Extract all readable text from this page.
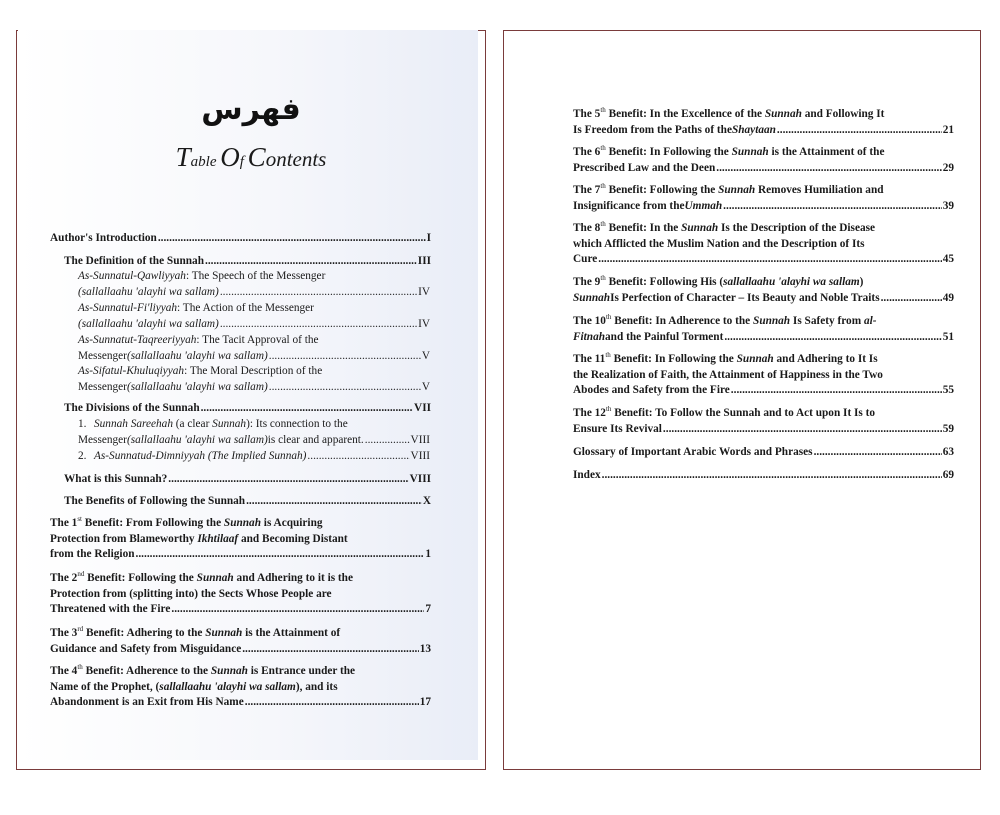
فهرس
Table Of Contents
Author's Introduction .....	I
The Definition of the Sunnah .....	III
As-Sunnatul-Qawliyyah: The Speech of the Messenger
(sallallaahu 'alayhi wa sallam) .....	IV
As-Sunnatul-Fi'liyyah: The Action of the Messenger
(sallallaahu 'alayhi wa sallam) .....	IV
As-Sunnatut-Taqreeriyyah: The Tacit Approval of the
Messenger (sallallaahu 'alayhi wa sallam) .....	V
As-Sifatul-Khuluqiyyah: The Moral Description of the
Messenger (sallallaahu 'alayhi wa sallam) .....	V
The Divisions of the Sunnah .....	VII
1. Sunnah Sareehah (a clear Sunnah): Its connection to the
Messenger (sallallaahu 'alayhi wa sallam) is clear and apparent. .....	VIII
2. As-Sunnatud-Dimniyyah (The Implied Sunnah) .....	VIII
What is this Sunnah? .....	VIII
The Benefits of Following the Sunnah .....	X
The 1st Benefit: From Following the Sunnah is Acquiring
Protection from Blameworthy Ikhtilaaf and Becoming Distant
from the Religion .....	1
The 2nd Benefit: Following the Sunnah and Adhering to it is the
Protection from (splitting into) the Sects Whose People are
Threatened with the Fire .....	7
The 3rd Benefit: Adhering to the Sunnah is the Attainment of
Guidance and Safety from Misguidance .....	13
The 4th Benefit: Adherence to the Sunnah is Entrance under the
Name of the Prophet, (sallallaahu 'alayhi wa sallam), and its
Abandonment is an Exit from His Name .....	17
The 5th Benefit: In the Excellence of the Sunnah and Following It
Is Freedom from the Paths of the Shaytaan .....	21
The 6th Benefit: In Following the Sunnah is the Attainment of the
Prescribed Law and the Deen .....	29
The 7th Benefit: Following the Sunnah Removes Humiliation and
Insignificance from the Ummah .....	39
The 8th Benefit: In the Sunnah Is the Description of the Disease
which Afflicted the Muslim Nation and the Description of Its
Cure .....	45
The 9th Benefit: Following His (sallallaahu 'alayhi wa sallam)
Sunnah Is Perfection of Character – Its Beauty and Noble Traits .....	49
The 10th Benefit: In Adherence to the Sunnah Is Safety from al-
Fitnah and the Painful Torment .....	51
The 11th Benefit: In Following the Sunnah and Adhering to It Is
the Realization of Faith, the Attainment of Happiness in the Two
Abodes and Safety from the Fire .....	55
The 12th Benefit: To Follow the Sunnah and to Act upon It Is to
Ensure Its Revival .....	59
Glossary of Important Arabic Words and Phrases .....	63
Index .....	69
